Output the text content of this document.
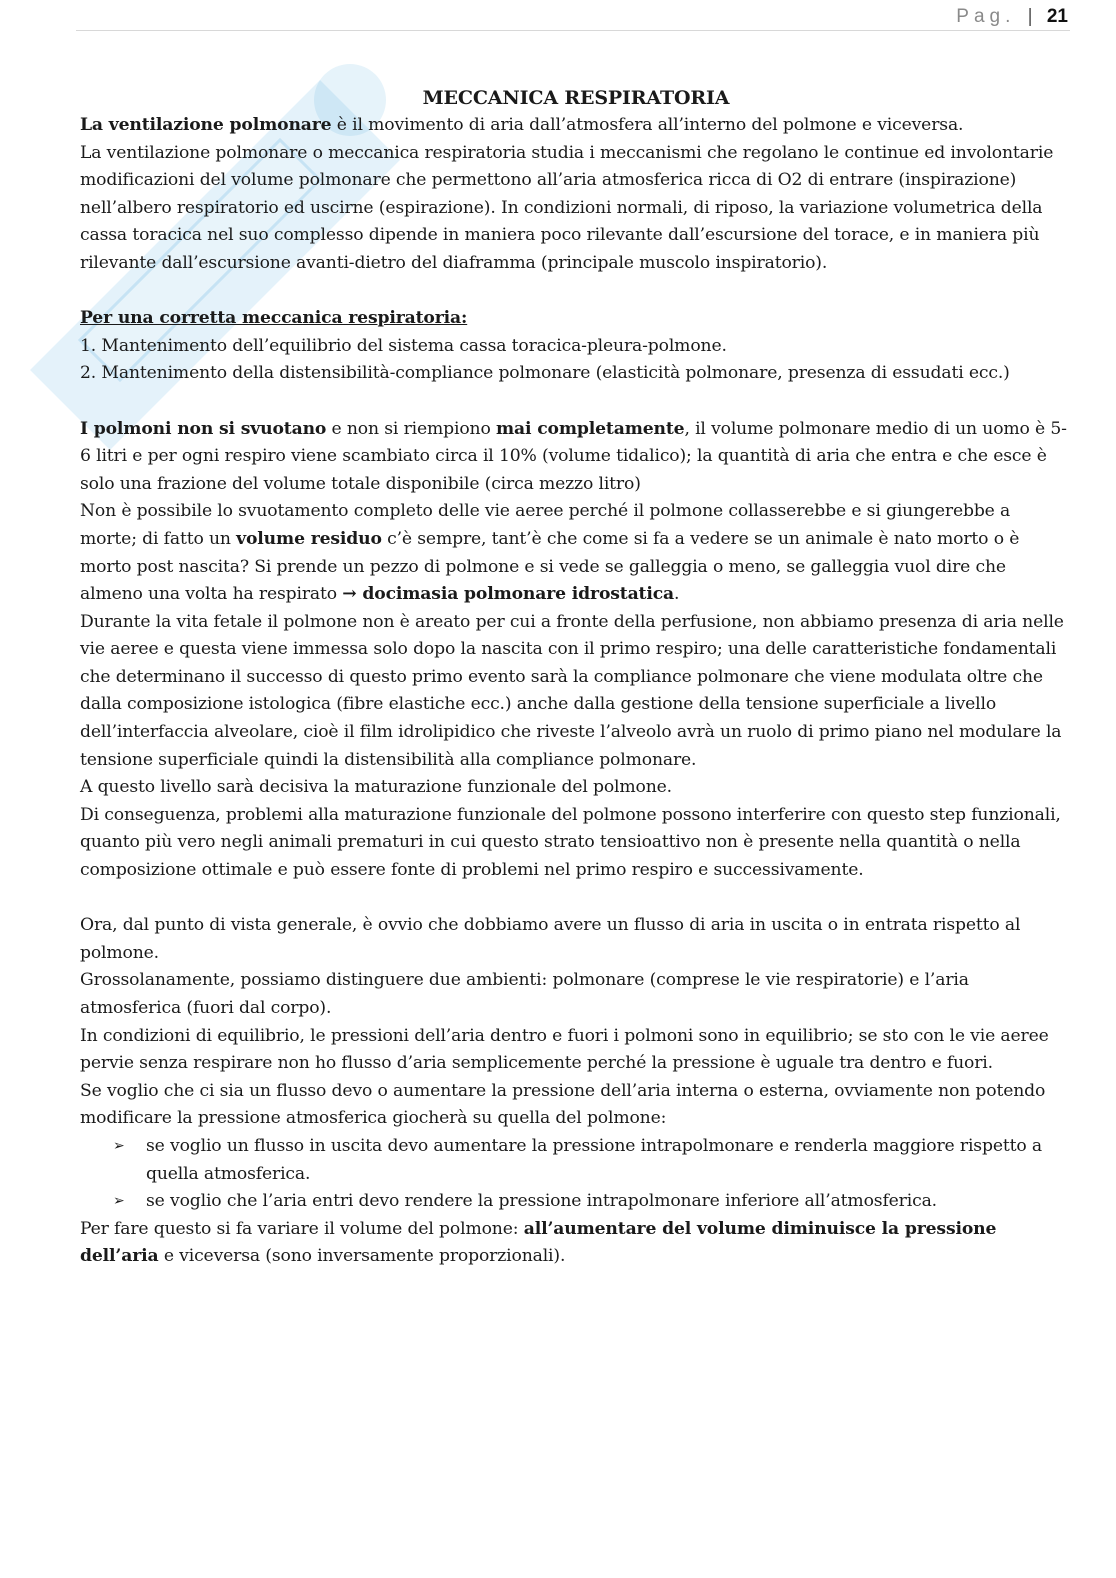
Pag. | 21
MECCANICA RESPIRATORIA

La ventilazione polmonare è il movimento di aria dall’atmosfera all’interno del polmone e viceversa.

La ventilazione polmonare o meccanica respiratoria studia i meccanismi che regolano le continue ed involontarie modificazioni del volume polmonare che permettono all’aria atmosferica ricca di O2 di entrare (inspirazione) nell’albero respiratorio ed uscirne (espirazione). In condizioni normali, di riposo, la variazione volumetrica della cassa toracica nel suo complesso dipende in maniera poco rilevante dall’escursione del torace, e in maniera più rilevante dall’escursione avanti-dietro del diaframma (principale muscolo inspiratorio).

Per una corretta meccanica respiratoria:

1. Mantenimento dell’equilibrio del sistema cassa toracica-pleura-polmone.

2. Mantenimento della distensibilità-compliance polmonare (elasticità polmonare, presenza di essudati ecc.)

I polmoni non si svuotano e non si riempiono mai completamente, il volume polmonare medio di un uomo è 5-6 litri e per ogni respiro viene scambiato circa il 10% (volume tidalico); la quantità di aria che entra e che esce è solo una frazione del volume totale disponibile (circa mezzo litro)

Non è possibile lo svuotamento completo delle vie aeree perché il polmone collasserebbe e si giungerebbe a morte; di fatto un volume residuo c’è sempre, tant’è che come si fa a vedere se un animale è nato morto o è morto post nascita? Si prende un pezzo di polmone e si vede se galleggia o meno, se galleggia vuol dire che almeno una volta ha respirato → docimasia polmonare idrostatica.

Durante la vita fetale il polmone non è areato per cui a fronte della perfusione, non abbiamo presenza di aria nelle vie aeree e questa viene immessa solo dopo la nascita con il primo respiro; una delle caratteristiche fondamentali che determinano il successo di questo primo evento sarà la compliance polmonare che viene modulata oltre che dalla composizione istologica (fibre elastiche ecc.) anche dalla gestione della tensione superficiale a livello dell’interfaccia alveolare, cioè il film idrolipidico che riveste l’alveolo avrà un ruolo di primo piano nel modulare la tensione superficiale quindi la distensibilità alla compliance polmonare.

A questo livello sarà decisiva la maturazione funzionale del polmone.

Di conseguenza, problemi alla maturazione funzionale del polmone possono interferire con questo step funzionali, quanto più vero negli animali prematuri in cui questo strato tensioattivo non è presente nella quantità o nella composizione ottimale e può essere fonte di problemi nel primo respiro e successivamente.

Ora, dal punto di vista generale, è ovvio che dobbiamo avere un flusso di aria in uscita o in entrata rispetto al polmone.

Grossolanamente, possiamo distinguere due ambienti: polmonare (comprese le vie respiratorie) e l’aria atmosferica (fuori dal corpo).

In condizioni di equilibrio, le pressioni dell’aria dentro e fuori i polmoni sono in equilibrio; se sto con le vie aeree pervie senza respirare non ho flusso d’aria semplicemente perché la pressione è uguale tra dentro e fuori.

Se voglio che ci sia un flusso devo o aumentare la pressione dell’aria interna o esterna, ovviamente non potendo modificare la pressione atmosferica giocherà su quella del polmone:

➢ se voglio un flusso in uscita devo aumentare la pressione intrapolmonare e renderla maggiore rispetto a quella atmosferica.
➢ se voglio che l’aria entri devo rendere la pressione intrapolmonare inferiore all’atmosferica.

Per fare questo si fa variare il volume del polmone: all’aumentare del volume diminuisce la pressione dell’aria e viceversa (sono inversamente proporzionali).
